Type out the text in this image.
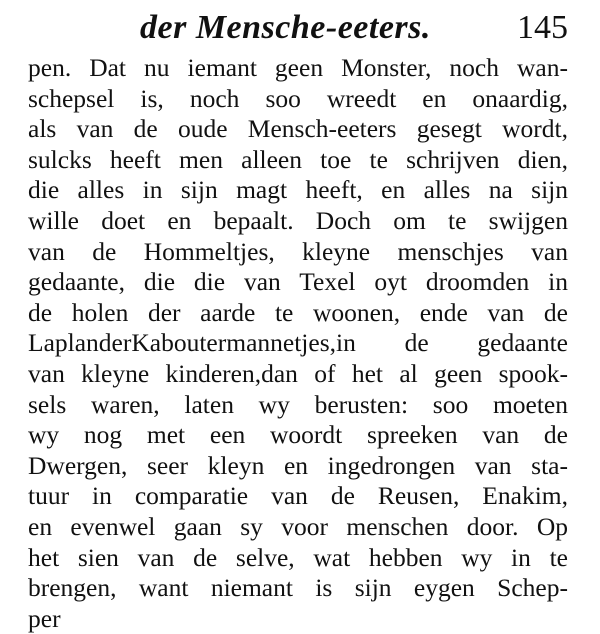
der Mensche-eeters.	145
pen. Dat nu iemant geen Monster, noch wan-
schepsel is, noch soo wreedt en onaardig,
als van de oude Mensch-eeters gesegt wordt,
sulcks heeft men alleen toe te schrijven dien,
die alles in sijn magt heeft, en alles na sijn
wille doet en bepaalt. Doch om te swijgen
van de Hommeltjes, kleyne menschjes van
gedaante, die die van Texel oyt droomden in
de holen der aarde te woonen, ende van de
LaplanderKaboutermannetjes,in de gedaante
van kleyne kinderen,dan of het al geen spook-
sels waren, laten wy berusten: soo moeten
wy nog met een woordt spreeken van de
Dwergen, seer kleyn en ingedrongen van sta-
tuur in comparatie van de Reusen, Enakim,
en evenwel gaan sy voor menschen door. Op
het sien van de selve, wat hebben wy in te
brengen, want niemant is sijn eygen Schep-
per
